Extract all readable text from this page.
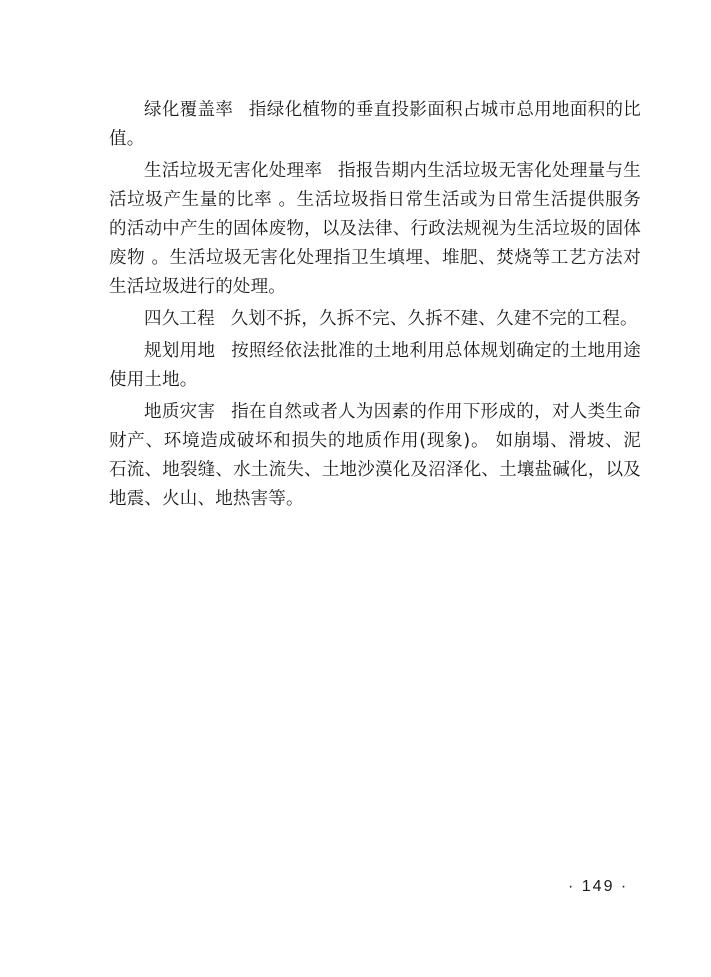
绿化覆盖率 指绿化植物的垂直投影面积占城市总用地面积的比值。

生活垃圾无害化处理率 指报告期内生活垃圾无害化处理量与生活垃圾产生量的比率 。生活垃圾指日常生活或为日常生活提供服务的活动中产生的固体废物，以及法律、行政法规视为生活垃圾的固体废物 。生活垃圾无害化处理指卫生填埋、堆肥、焚烧等工艺方法对生活垃圾进行的处理。

四久工程 久划不拆，久拆不完、久拆不建、久建不完的工程。

规划用地 按照经依法批准的土地利用总体规划确定的土地用途使用土地。

地质灾害 指在自然或者人为因素的作用下形成的，对人类生命财产、环境造成破坏和损失的地质作用(现象)。 如崩塌、滑坡、泥石流、地裂缝、水土流失、土地沙漠化及沼泽化、土壤盐碱化，以及地震、火山、地热害等。

· 149 ·
